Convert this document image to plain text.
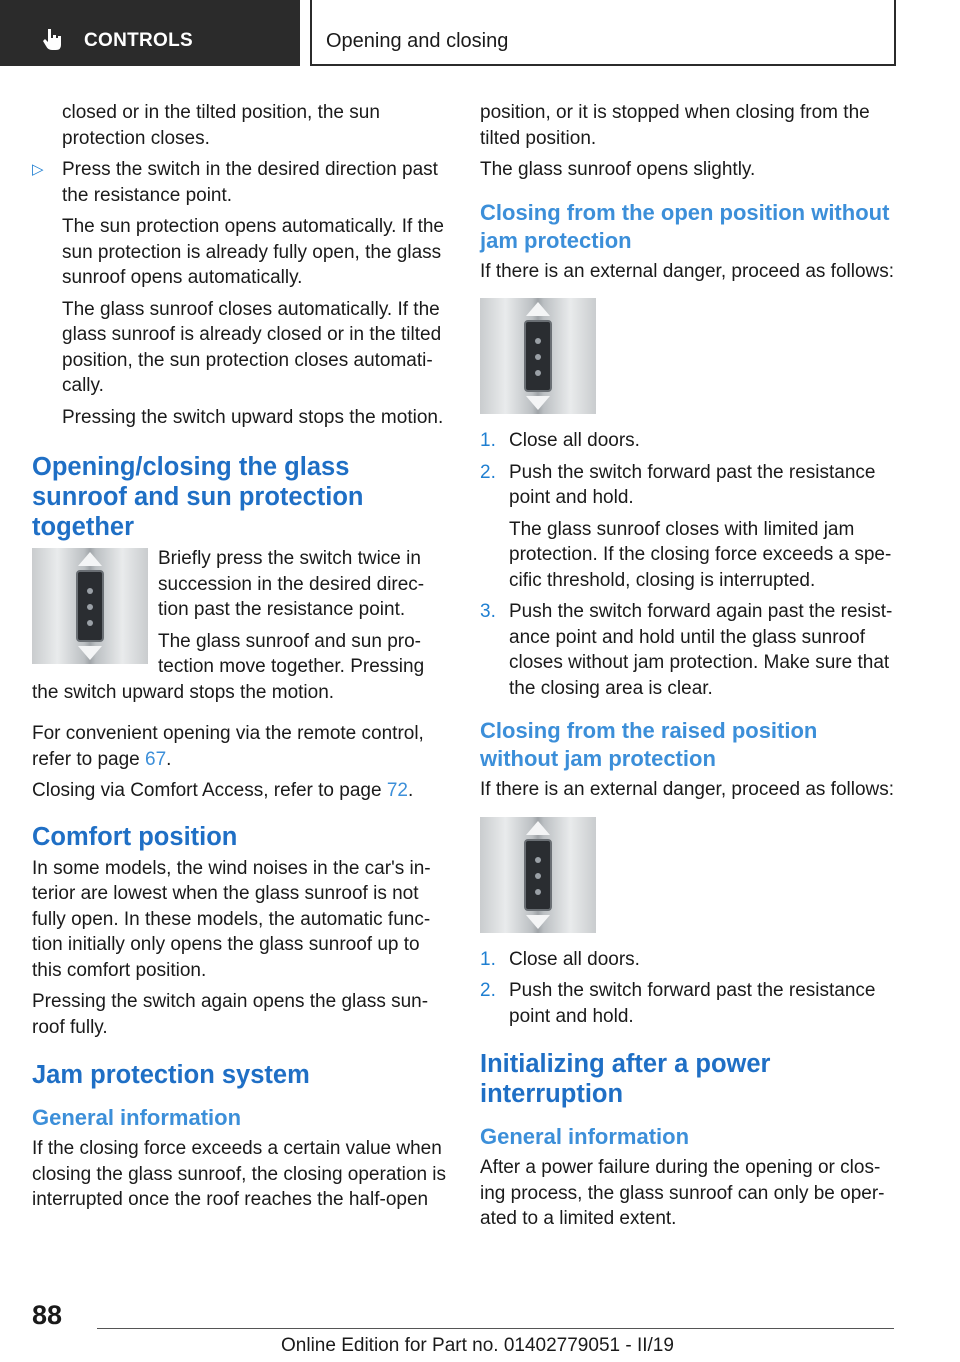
CONTROLS	Opening and closing

closed or in the tilted position, the sun protection closes.

▷ Press the switch in the desired direction past the resistance point.

The sun protection opens automatically. If the sun protection is already fully open, the glass sunroof opens automatically.

The glass sunroof closes automatically. If the glass sunroof is already closed or in the tilted position, the sun protection closes automati‐cally.

Pressing the switch upward stops the motion.

Opening/closing the glass sunroof and sun protection together

Briefly press the switch twice in succession in the desired direc‐tion past the resistance point.

The glass sunroof and sun pro‐tection move together. Pressing the switch upward stops the motion.

For convenient opening via the remote control, refer to page 67.

Closing via Comfort Access, refer to page 72.

Comfort position

In some models, the wind noises in the car's in‐terior are lowest when the glass sunroof is not fully open. In these models, the automatic func‐tion initially only opens the glass sunroof up to this comfort position.

Pressing the switch again opens the glass sun‐roof fully.

Jam protection system
General information

If the closing force exceeds a certain value when closing the glass sunroof, the closing operation is interrupted once the roof reaches the half-open

position, or it is stopped when closing from the tilted position.

The glass sunroof opens slightly.

Closing from the open position without jam protection

If there is an external danger, proceed as follows:

1. Close all doors.

2. Push the switch forward past the resistance point and hold.

The glass sunroof closes with limited jam protection. If the closing force exceeds a spe‐cific threshold, closing is interrupted.

3. Push the switch forward again past the resist‐ance point and hold until the glass sunroof closes without jam protection. Make sure that the closing area is clear.

Closing from the raised position without jam protection

If there is an external danger, proceed as follows:

1. Close all doors.

2. Push the switch forward past the resistance point and hold.

Initializing after a power interruption
General information

After a power failure during the opening or clos‐ing process, the glass sunroof can only be oper‐ated to a limited extent.

88
Online Edition for Part no. 01402779051 - II/19
